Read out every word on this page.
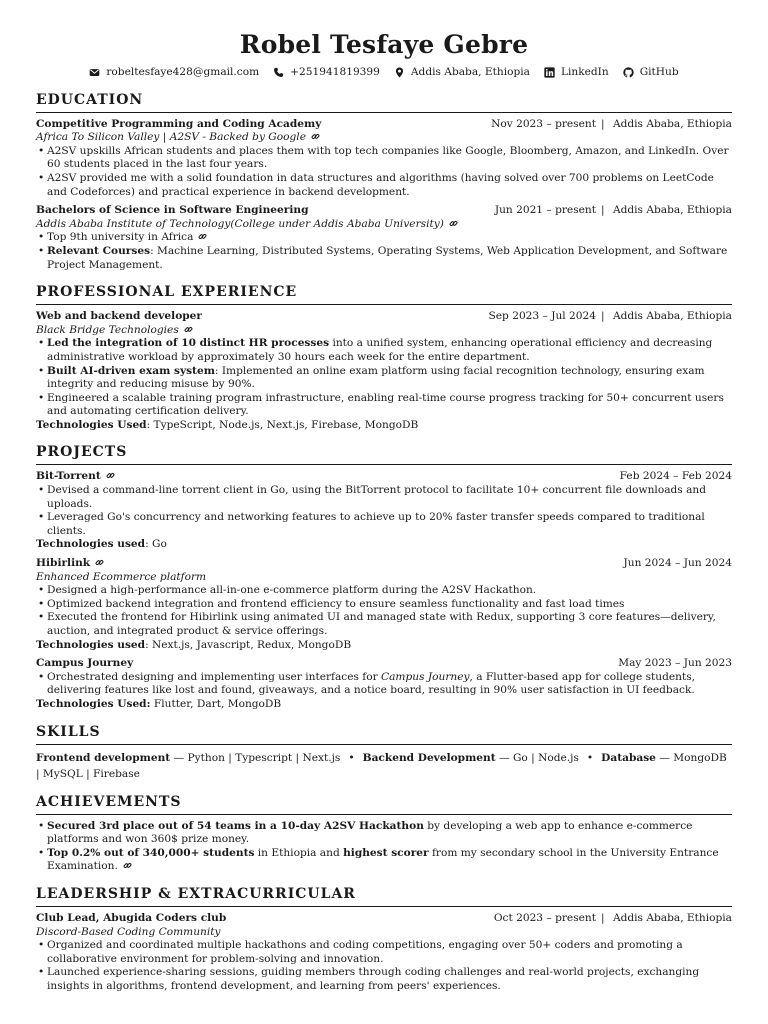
Robel Tesfaye Gebre
robeltesfaye428@gmail.com	+251941819399	Addis Ababa, Ethiopia	LinkedIn	GitHub
EDUCATION
Competitive Programming and Coding Academy	Nov 2023 – present | Addis Ababa, Ethiopia
Africa To Silicon Valley | A2SV - Backed by Google
• A2SV upskills African students and places them with top tech companies like Google, Bloomberg, Amazon, and LinkedIn. Over 60 students placed in the last four years.
• A2SV provided me with a solid foundation in data structures and algorithms (having solved over 700 problems on LeetCode and Codeforces) and practical experience in backend development.
Bachelors of Science in Software Engineering	Jun 2021 – present | Addis Ababa, Ethiopia
Addis Ababa Institute of Technology(College under Addis Ababa University)
• Top 9th university in Africa
• Relevant Courses: Machine Learning, Distributed Systems, Operating Systems, Web Application Development, and Software Project Management.
PROFESSIONAL EXPERIENCE
Web and backend developer	Sep 2023 – Jul 2024 | Addis Ababa, Ethiopia
Black Bridge Technologies
• Led the integration of 10 distinct HR processes into a unified system, enhancing operational efficiency and decreasing administrative workload by approximately 30 hours each week for the entire department.
• Built AI-driven exam system: Implemented an online exam platform using facial recognition technology, ensuring exam integrity and reducing misuse by 90%.
• Engineered a scalable training program infrastructure, enabling real-time course progress tracking for 50+ concurrent users and automating certification delivery.
Technologies Used: TypeScript, Node.js, Next.js, Firebase, MongoDB
PROJECTS
Bit-Torrent	Feb 2024 – Feb 2024
• Devised a command-line torrent client in Go, using the BitTorrent protocol to facilitate 10+ concurrent file downloads and uploads.
• Leveraged Go's concurrency and networking features to achieve up to 20% faster transfer speeds compared to traditional clients.
Technologies used: Go
Hibirlink	Jun 2024 – Jun 2024
Enhanced Ecommerce platform
• Designed a high-performance all-in-one e-commerce platform during the A2SV Hackathon.
• Optimized backend integration and frontend efficiency to ensure seamless functionality and fast load times
• Executed the frontend for Hibirlink using animated UI and managed state with Redux, supporting 3 core features—delivery, auction, and integrated product & service offerings.
Technologies used: Next.js, Javascript, Redux, MongoDB
Campus Journey	May 2023 – Jun 2023
• Orchestrated designing and implementing user interfaces for Campus Journey, a Flutter-based app for college students, delivering features like lost and found, giveaways, and a notice board, resulting in 90% user satisfaction in UI feedback.
Technologies Used: Flutter, Dart, MongoDB
SKILLS
Frontend development — Python | Typescript | Next.js • Backend Development — Go | Node.js • Database — MongoDB | MySQL | Firebase
ACHIEVEMENTS
• Secured 3rd place out of 54 teams in a 10-day A2SV Hackathon by developing a web app to enhance e-commerce platforms and won 360$ prize money.
• Top 0.2% out of 340,000+ students in Ethiopia and highest scorer from my secondary school in the University Entrance Examination.
LEADERSHIP & EXTRACURRICULAR
Club Lead, Abugida Coders club	Oct 2023 – present | Addis Ababa, Ethiopia
Discord-Based Coding Community
• Organized and coordinated multiple hackathons and coding competitions, engaging over 50+ coders and promoting a collaborative environment for problem-solving and innovation.
• Launched experience-sharing sessions, guiding members through coding challenges and real-world projects, exchanging insights in algorithms, frontend development, and learning from peers' experiences.
